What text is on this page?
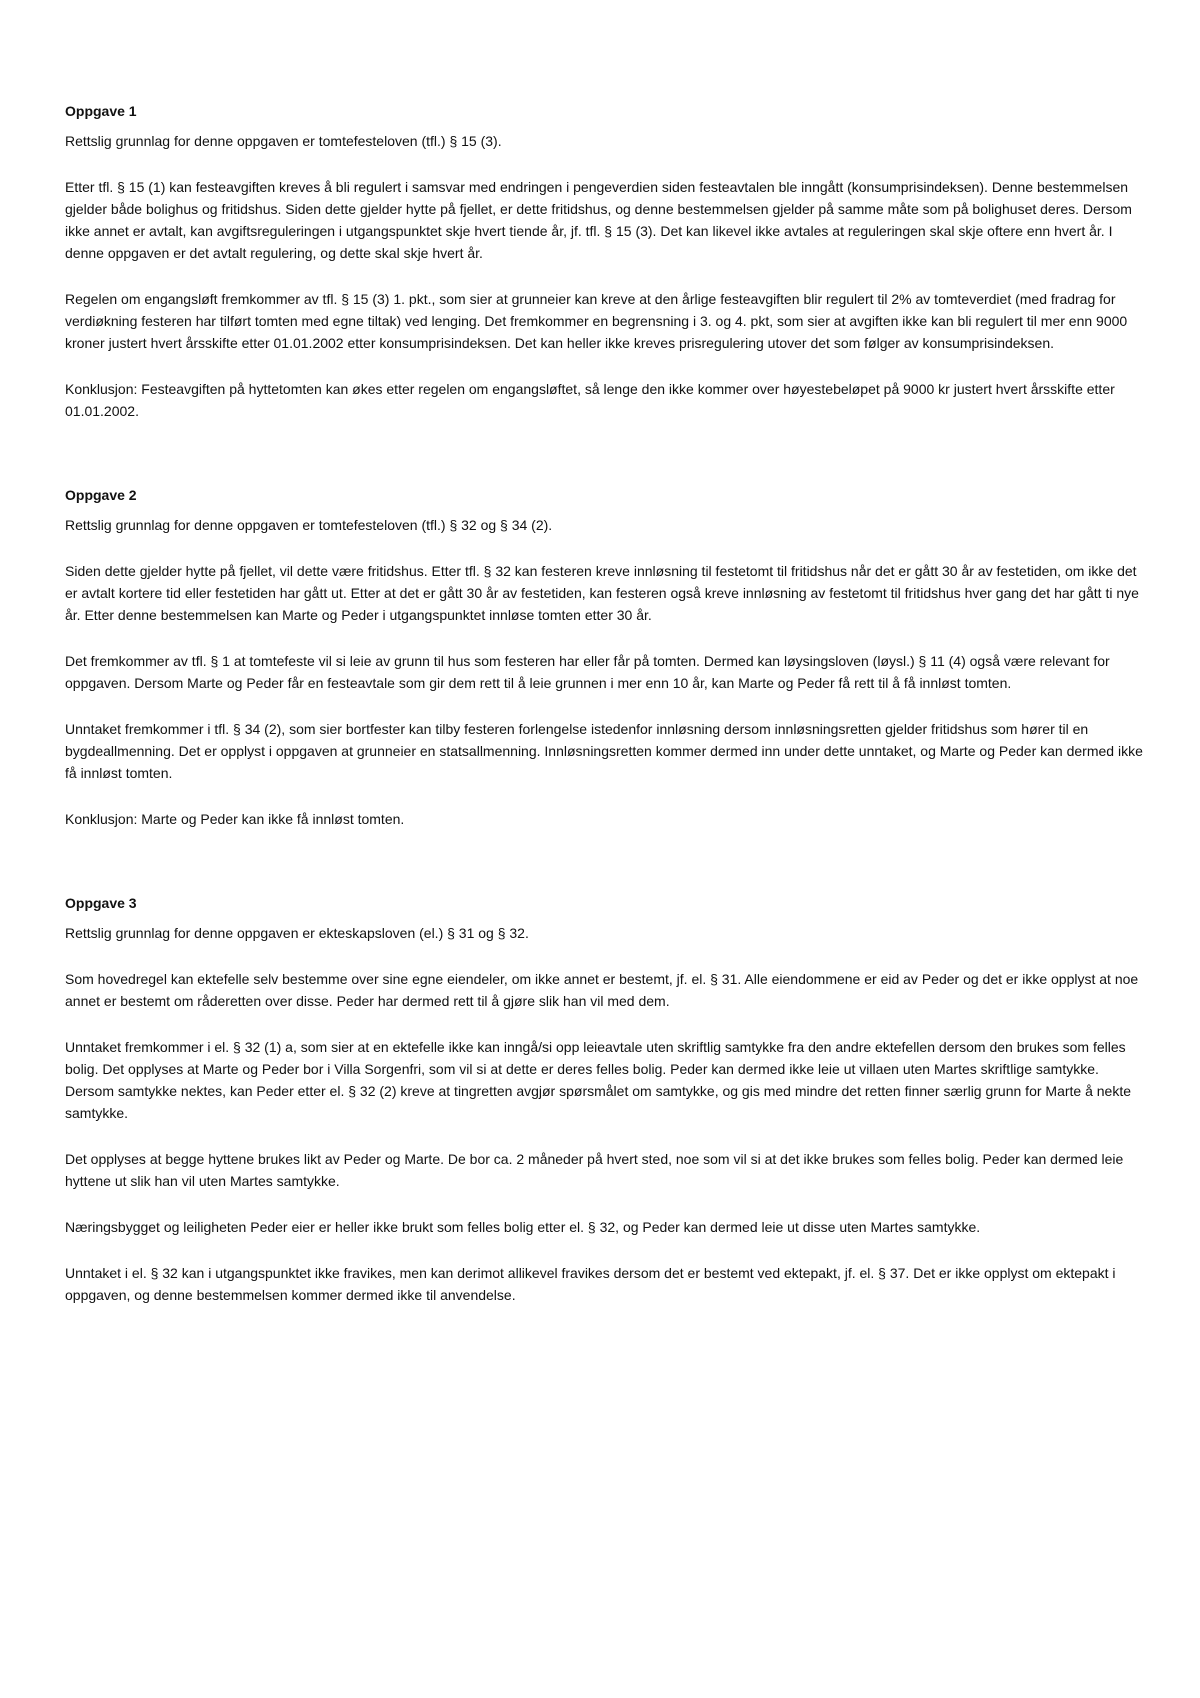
Oppgave 1

Rettslig grunnlag for denne oppgaven er tomtefesteloven (tfl.) § 15 (3).

Etter tfl. § 15 (1) kan festeavgiften kreves å bli regulert i samsvar med endringen i pengeverdien siden festeavtalen ble inngått (konsumprisindeksen). Denne bestemmelsen gjelder både bolighus og fritidshus. Siden dette gjelder hytte på fjellet, er dette fritidshus, og denne bestemmelsen gjelder på samme måte som på bolighuset deres. Dersom ikke annet er avtalt, kan avgiftsreguleringen i utgangspunktet skje hvert tiende år, jf. tfl. § 15 (3). Det kan likevel ikke avtales at reguleringen skal skje oftere enn hvert år. I denne oppgaven er det avtalt regulering, og dette skal skje hvert år.

Regelen om engangsløft fremkommer av tfl. § 15 (3) 1. pkt., som sier at grunneier kan kreve at den årlige festeavgiften blir regulert til 2% av tomteverdiet (med fradrag for verdiøkning festeren har tilført tomten med egne tiltak) ved lenging. Det fremkommer en begrensning i 3. og 4. pkt, som sier at avgiften ikke kan bli regulert til mer enn 9000 kroner justert hvert årsskifte etter 01.01.2002 etter konsumprisindeksen. Det kan heller ikke kreves prisregulering utover det som følger av konsumprisindeksen.

Konklusjon: Festeavgiften på hyttetomten kan økes etter regelen om engangsløftet, så lenge den ikke kommer over høyestebeløpet på 9000 kr justert hvert årsskifte etter 01.01.2002.

Oppgave 2

Rettslig grunnlag for denne oppgaven er tomtefesteloven (tfl.) § 32 og § 34 (2).

Siden dette gjelder hytte på fjellet, vil dette være fritidshus. Etter tfl. § 32 kan festeren kreve innløsning til festetomt til fritidshus når det er gått 30 år av festetiden, om ikke det er avtalt kortere tid eller festetiden har gått ut. Etter at det er gått 30 år av festetiden, kan festeren også kreve innløsning av festetomt til fritidshus hver gang det har gått ti nye år. Etter denne bestemmelsen kan Marte og Peder i utgangspunktet innløse tomten etter 30 år.

Det fremkommer av tfl. § 1 at tomtefeste vil si leie av grunn til hus som festeren har eller får på tomten. Dermed kan løysingsloven (løysl.) § 11 (4) også være relevant for oppgaven. Dersom Marte og Peder får en festeavtale som gir dem rett til å leie grunnen i mer enn 10 år, kan Marte og Peder få rett til å få innløst tomten.

Unntaket fremkommer i tfl. § 34 (2), som sier bortfester kan tilby festeren forlengelse istedenfor innløsning dersom innløsningsretten gjelder fritidshus som hører til en bygdeallmenning. Det er opplyst i oppgaven at grunneier en statsallmenning. Innløsningsretten kommer dermed inn under dette unntaket, og Marte og Peder kan dermed ikke få innløst tomten.

Konklusjon: Marte og Peder kan ikke få innløst tomten.

Oppgave 3

Rettslig grunnlag for denne oppgaven er ekteskapsloven (el.) § 31 og § 32.

Som hovedregel kan ektefelle selv bestemme over sine egne eiendeler, om ikke annet er bestemt, jf. el. § 31. Alle eiendommene er eid av Peder og det er ikke opplyst at noe annet er bestemt om råderetten over disse. Peder har dermed rett til å gjøre slik han vil med dem.

Unntaket fremkommer i el. § 32 (1) a, som sier at en ektefelle ikke kan inngå/si opp leieavtale uten skriftlig samtykke fra den andre ektefellen dersom den brukes som felles bolig. Det opplyses at Marte og Peder bor i Villa Sorgenfri, som vil si at dette er deres felles bolig. Peder kan dermed ikke leie ut villaen uten Martes skriftlige samtykke. Dersom samtykke nektes, kan Peder etter el. § 32 (2) kreve at tingretten avgjør spørsmålet om samtykke, og gis med mindre det retten finner særlig grunn for Marte å nekte samtykke.

Det opplyses at begge hyttene brukes likt av Peder og Marte. De bor ca. 2 måneder på hvert sted, noe som vil si at det ikke brukes som felles bolig. Peder kan dermed leie hyttene ut slik han vil uten Martes samtykke.

Næringsbygget og leiligheten Peder eier er heller ikke brukt som felles bolig etter el. § 32, og Peder kan dermed leie ut disse uten Martes samtykke.

Unntaket i el. § 32 kan i utgangspunktet ikke fravikes, men kan derimot allikevel fravikes dersom det er bestemt ved ektepakt, jf. el. § 37. Det er ikke opplyst om ektepakt i oppgaven, og denne bestemmelsen kommer dermed ikke til anvendelse.
